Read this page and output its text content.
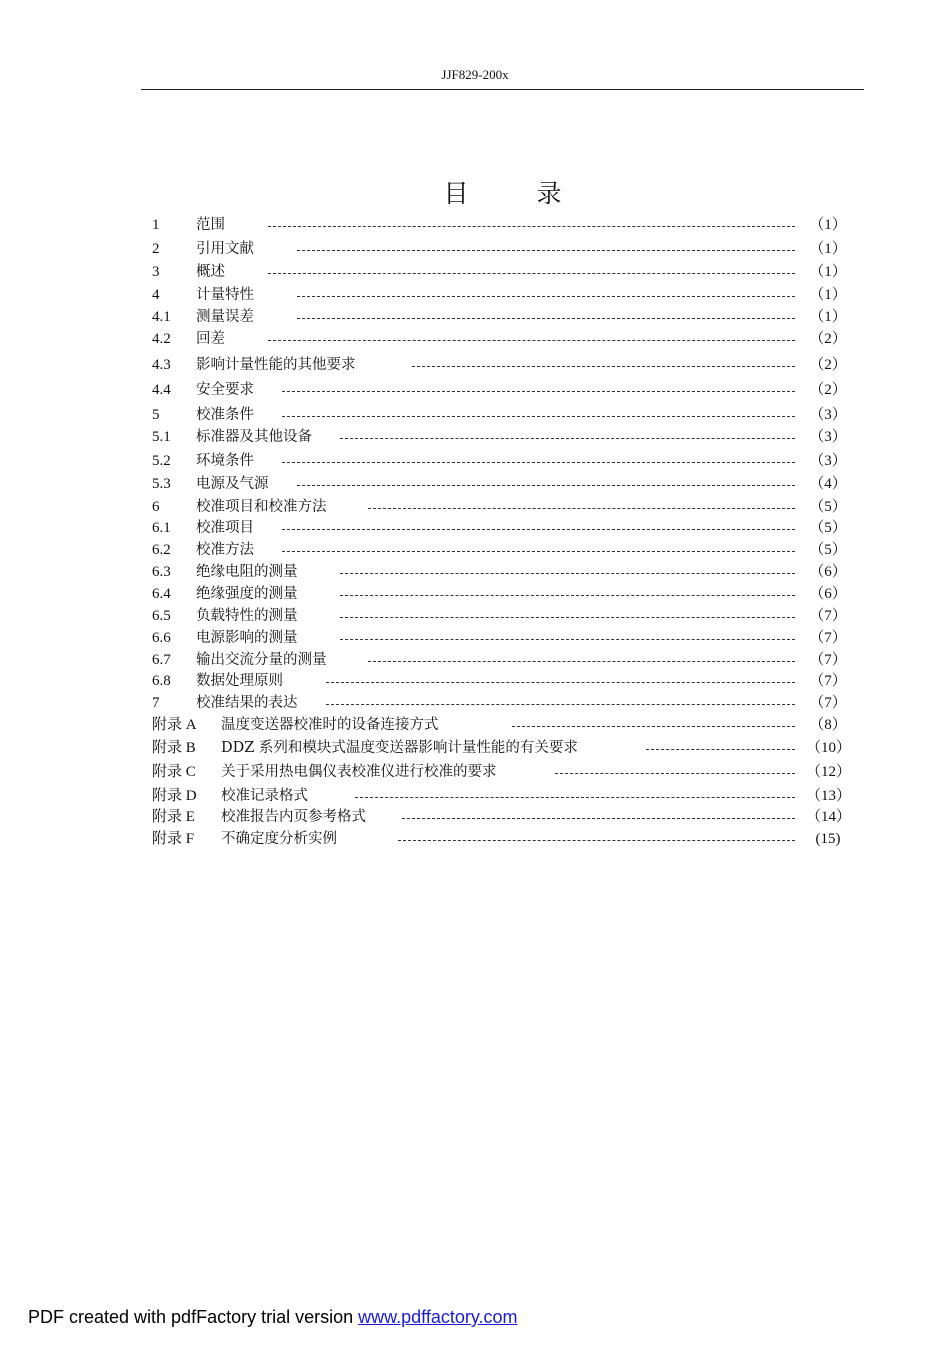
JJF829-200x
目 录
1	范围	（1）
2	引用文献	（1）
3	概述	（1）
4	计量特性	（1）
4.1 测量误差	（1）
4.2 回差	（2）
4.3 影响计量性能的其他要求	（2）
4.4 安全要求	（2）
5	校准条件	（3）
5.1 标准器及其他设备	（3）
5.2 环境条件	（3）
5.3 电源及气源	（4）
6	校准项目和校准方法	（5）
6.1 校准项目	（5）
6.2 校准方法	（5）
6.3 绝缘电阻的测量	（6）
6.4 绝缘强度的测量	（6）
6.5 负载特性的测量	（7）
6.6 电源影响的测量	（7）
6.7 输出交流分量的测量	（7）
6.8 数据处理原则	（7）
7	校准结果的表达	（7）
附录 A 温度变送器校准时的设备连接方式	（8）
附录 B DDZ 系列和模块式温度变送器影响计量性能的有关要求	（10）
附录 C 关于采用热电偶仪表校准仪进行校准的要求	（12）
附录 D 校准记录格式	（13）
附录 E 校准报告内页参考格式	（14）
附录 F 不确定度分析实例	(15)
PDF created with pdfFactory trial version www.pdffactory.com
